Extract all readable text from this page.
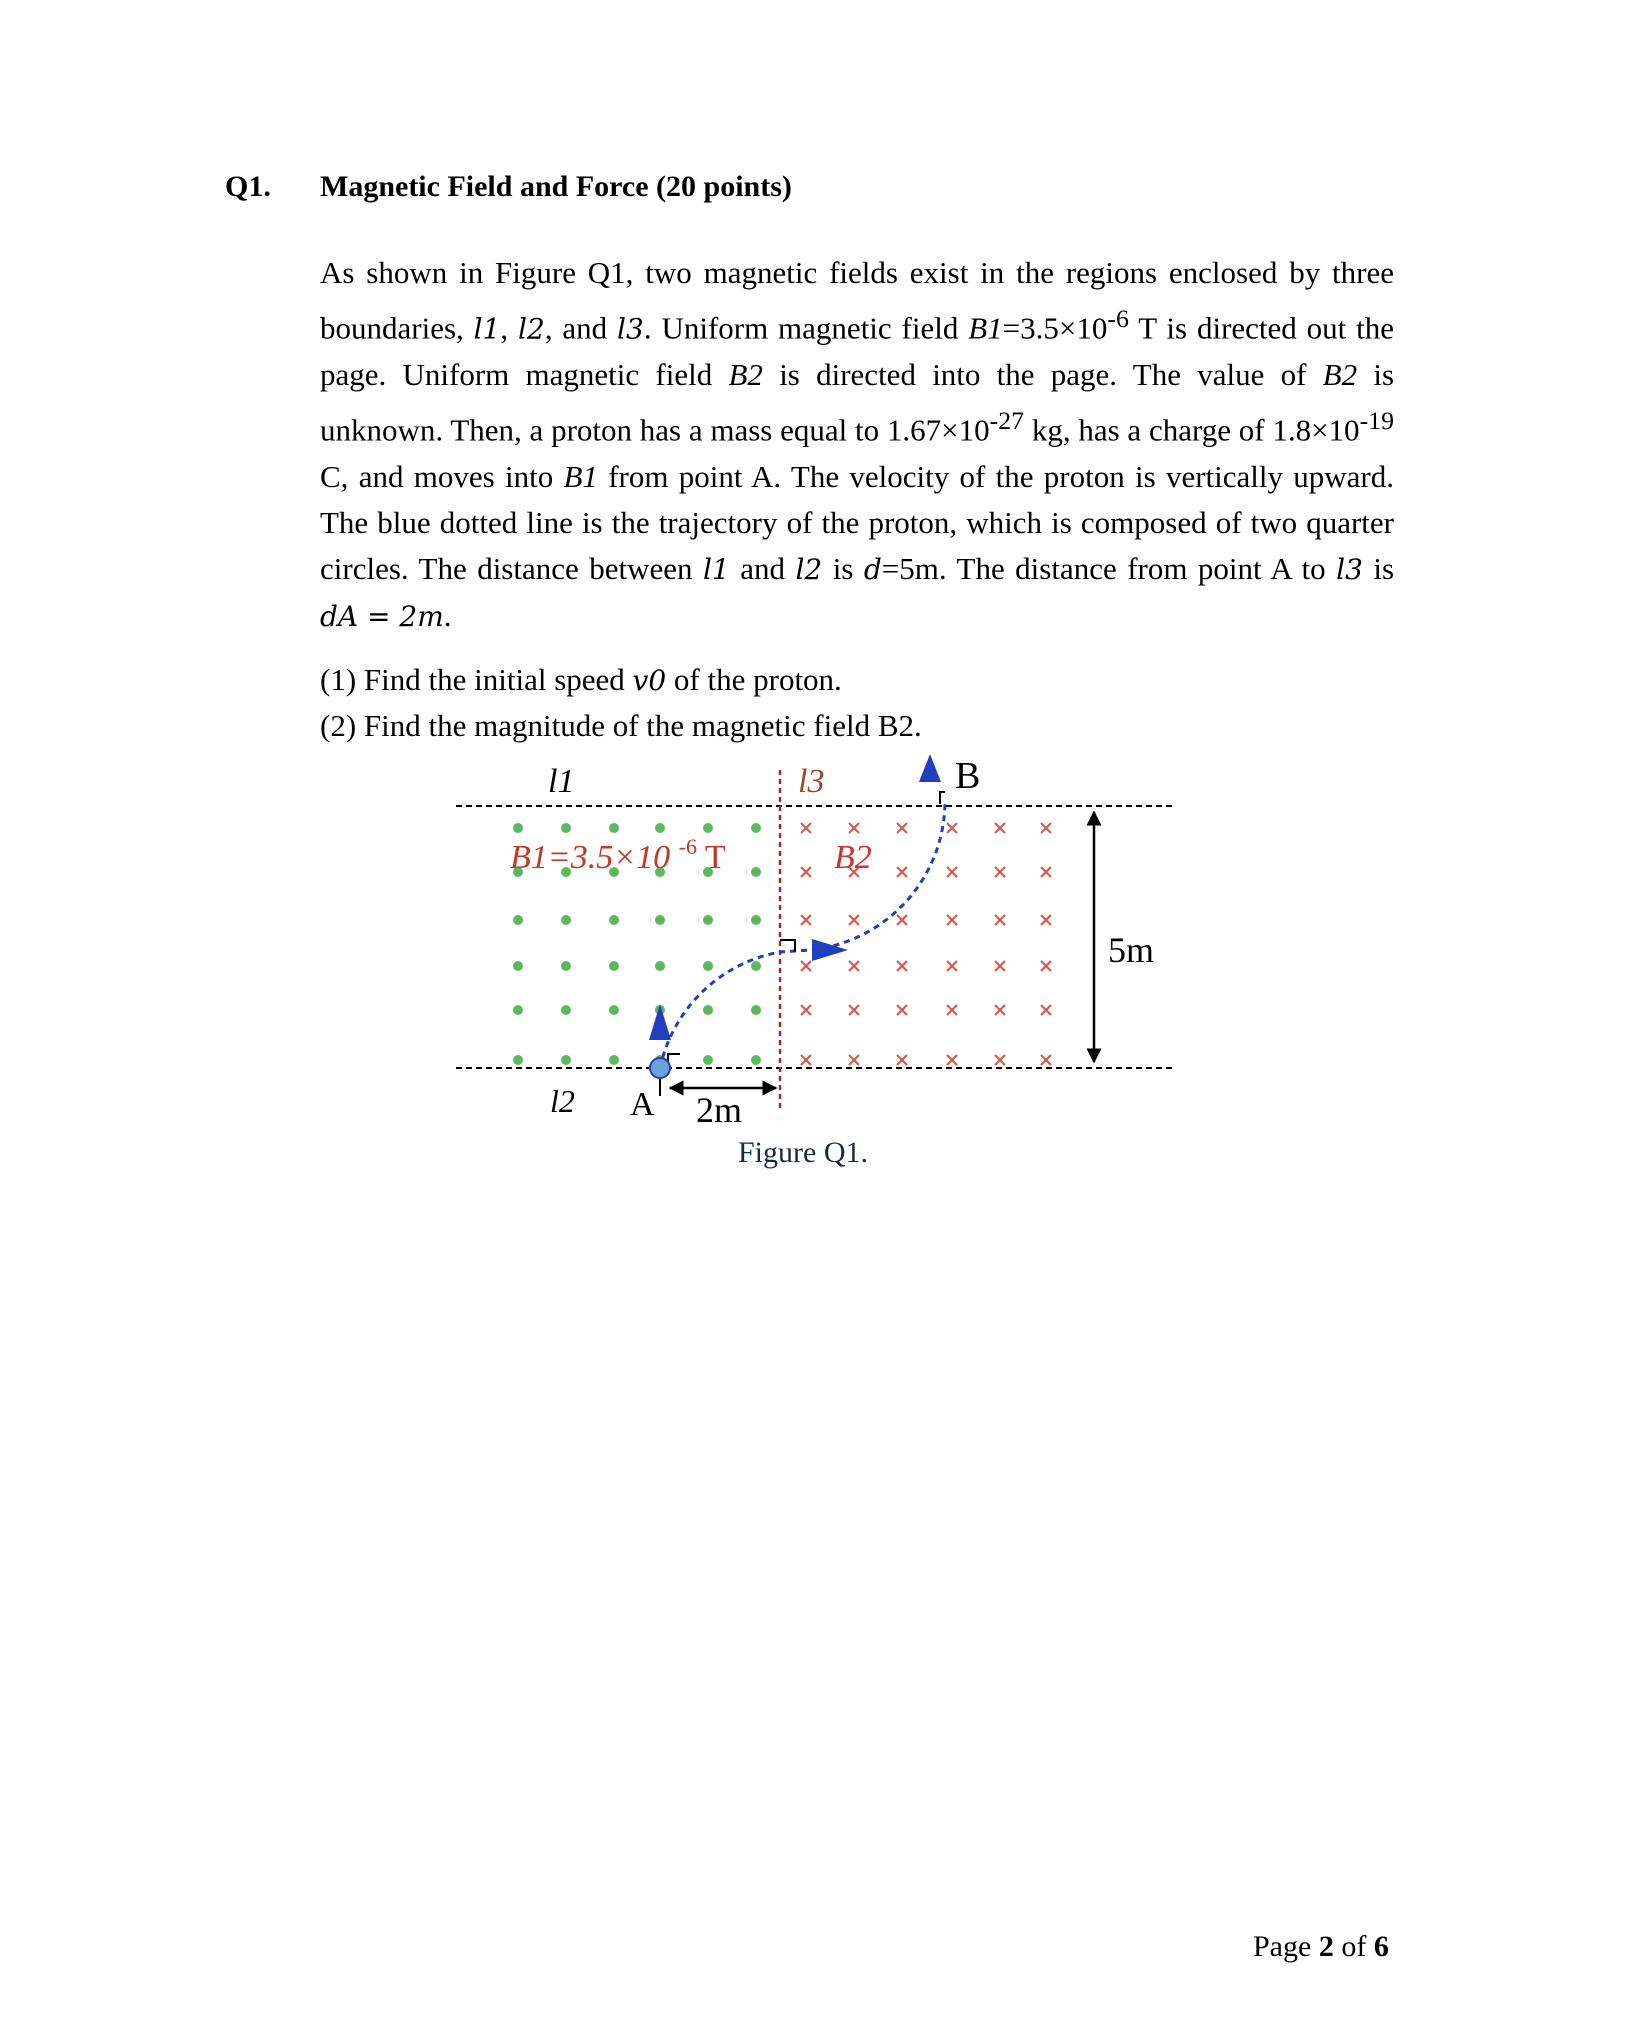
Q1. Magnetic Field and Force (20 points)

As shown in Figure Q1, two magnetic fields exist in the regions enclosed by three boundaries, l1, l2, and l3. Uniform magnetic field $B1=3.5\times 10^{-6}$ T is directed out the page. Uniform magnetic field B2 is directed into the page. The value of B2 is unknown. Then, a proton has a mass equal to $1.67\times 10^{-27}$ kg, has a charge of $1.8\times 10^{-19}$ C, and moves into B1 from point A. The velocity of the proton is vertically upward. The blue dotted line is the trajectory of the proton, which is composed of two quarter circles. The distance between l1 and l2 is d=5m. The distance from point A to l3 is dA = 2m.

(1) Find the initial speed v0 of the proton.
(2) Find the magnitude of the magnetic field B2.
l1
l2
l3	B
A
B2
B1=3.5×10 $^{-6}$ T
5m
2m
Figure Q1.
Page 2 of 6
